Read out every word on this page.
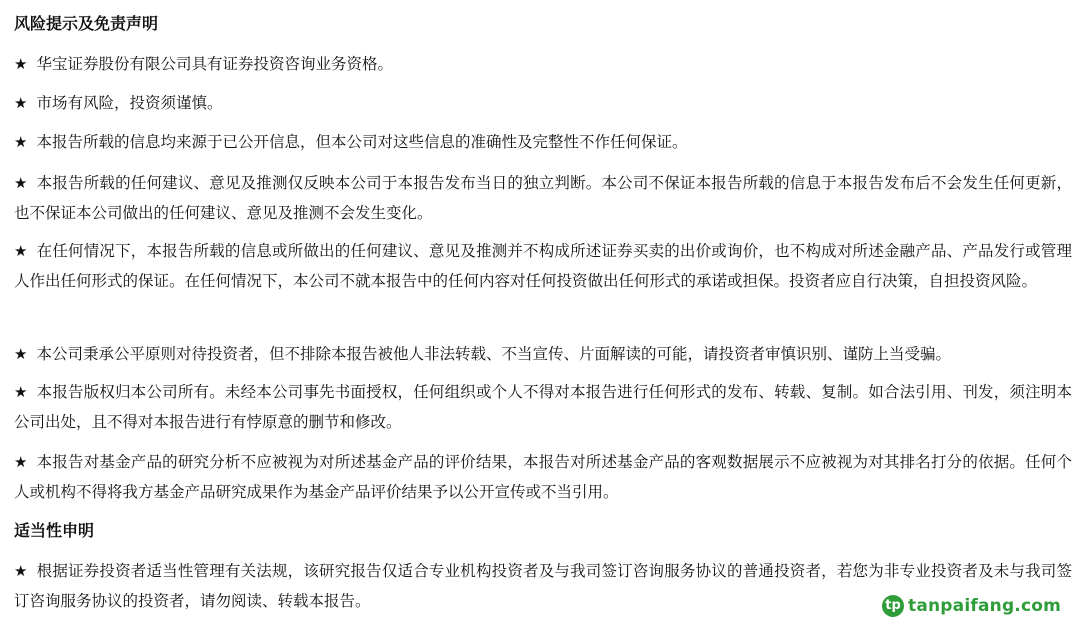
风险提示及免责声明
★ 华宝证券股份有限公司具有证券投资咨询业务资格。
★ 市场有风险，投资须谨慎。
★ 本报告所载的信息均来源于已公开信息，但本公司对这些信息的准确性及完整性不作任何保证。
★ 本报告所载的任何建议、意见及推测仅反映本公司于本报告发布当日的独立判断。本公司不保证本报告所载的信息于本报告发布后不会发生任何更新，也不保证本公司做出的任何建议、意见及推测不会发生变化。
★ 在任何情况下，本报告所载的信息或所做出的任何建议、意见及推测并不构成所述证券买卖的出价或询价，也不构成对所述金融产品、产品发行或管理人作出任何形式的保证。在任何情况下，本公司不就本报告中的任何内容对任何投资做出任何形式的承诺或担保。投资者应自行决策，自担投资风险。
★ 本公司秉承公平原则对待投资者，但不排除本报告被他人非法转载、不当宣传、片面解读的可能，请投资者审慎识别、谨防上当受骗。
★ 本报告版权归本公司所有。未经本公司事先书面授权，任何组织或个人不得对本报告进行任何形式的发布、转载、复制。如合法引用、刊发，须注明本公司出处，且不得对本报告进行有悖原意的删节和修改。
★ 本报告对基金产品的研究分析不应被视为对所述基金产品的评价结果，本报告对所述基金产品的客观数据展示不应被视为对其排名打分的依据。任何个人或机构不得将我方基金产品研究成果作为基金产品评价结果予以公开宣传或不当引用。
适当性申明
★ 根据证券投资者适当性管理有关法规，该研究报告仅适合专业机构投资者及与我司签订咨询服务协议的普通投资者，若您为非专业投资者及未与我司签订咨询服务协议的投资者，请勿阅读、转载本报告。	tp tanpaifang.com
